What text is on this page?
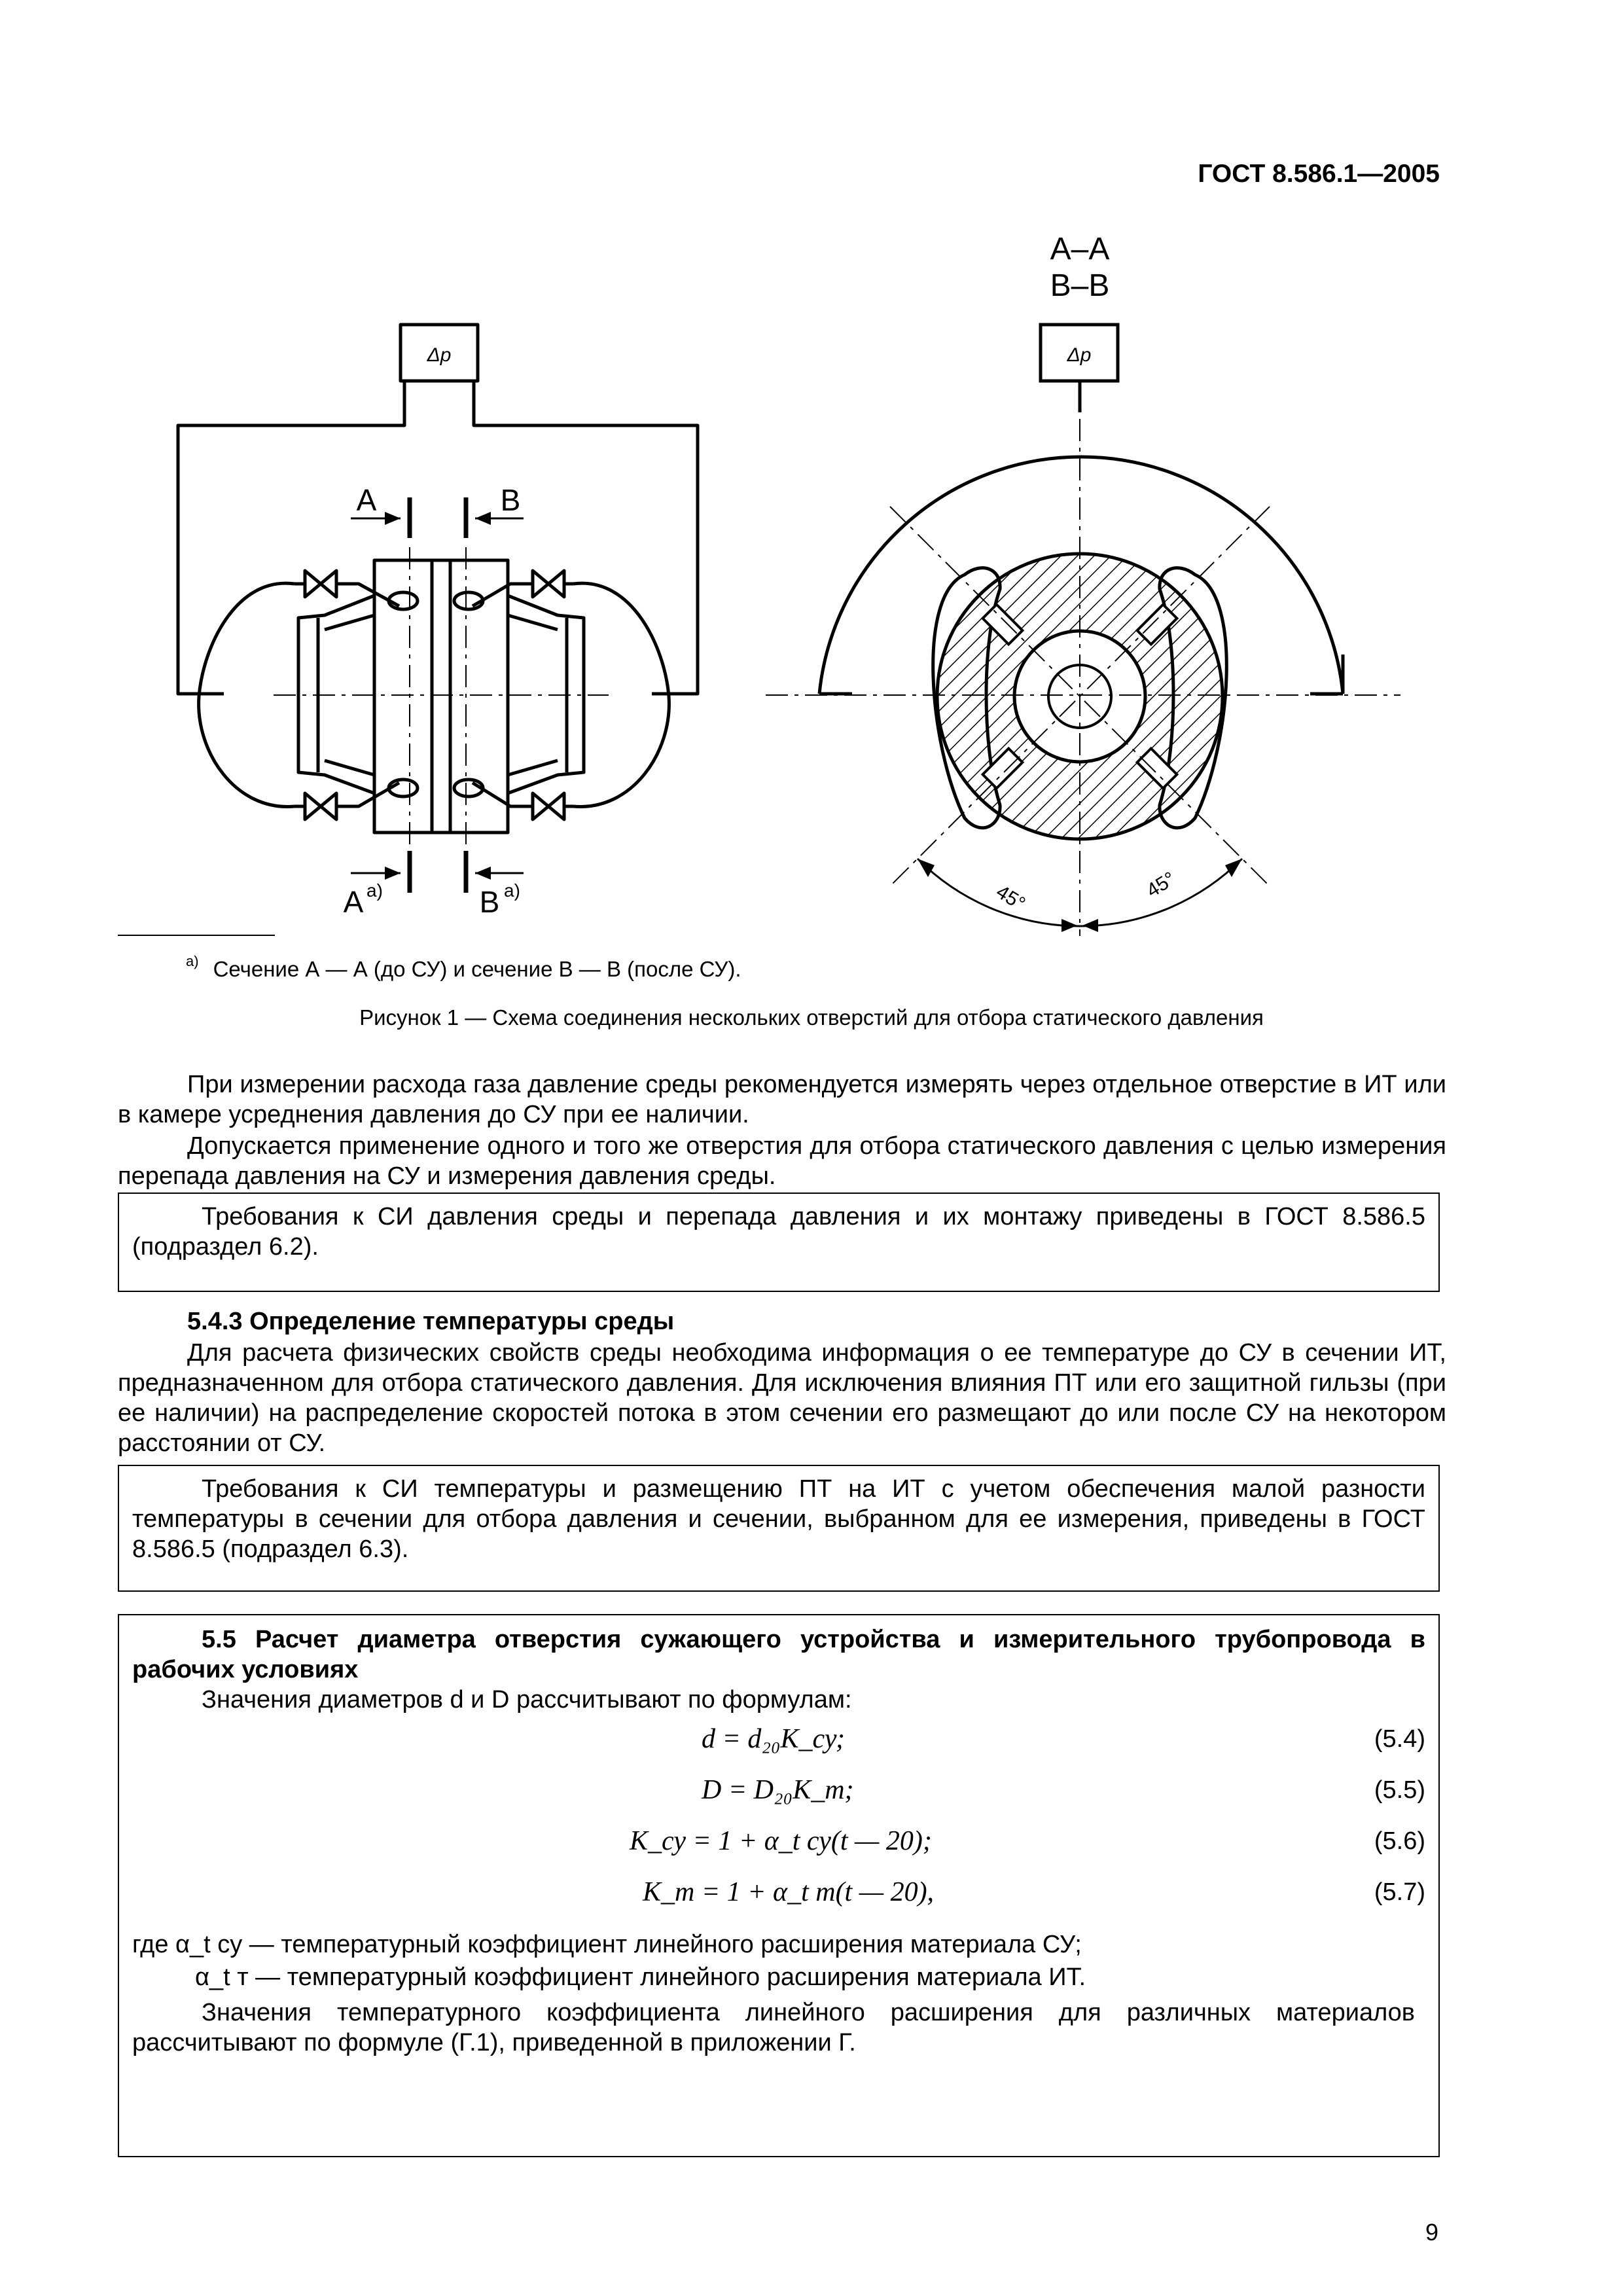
ГОСТ 8.586.1—2005
А–А
В–В
Δp	Δp
А	В
А а)	В а)	45°	45°
$^{а)}$ Сечение А — А (до СУ) и сечение В — В (после СУ).
Рисунок 1 — Схема соединения нескольких отверстий для отбора статического давления
При измерении расхода газа давление среды рекомендуется измерять через отдельное отверстие в ИТ или в камере усреднения давления до СУ при ее наличии.
Допускается применение одного и того же отверстия для отбора статического давления с целью измерения перепада давления на СУ и измерения давления среды.

Требования к СИ давления среды и перепада давления и их монтажу приведены в ГОСТ 8.586.5 (подраздел 6.2).

5.4.3 Определение температуры среды
Для расчета физических свойств среды необходима информация о ее температуре до СУ в сечении ИТ, предназначенном для отбора статического давления. Для исключения влияния ПТ или его защитной гильзы (при ее наличии) на распределение скоростей потока в этом сечении его размещают до или после СУ на некотором расстоянии от СУ.

Требования к СИ температуры и размещению ПТ на ИТ с учетом обеспечения малой разности температуры в сечении для отбора давления и сечении, выбранном для ее измерения, приведены в ГОСТ 8.586.5 (подраздел 6.3).

5.5 Расчет диаметра отверстия сужающего устройства и измерительного трубопровода в рабочих условиях

Значения диаметров d и D рассчитывают по формулам:

d = d₂₀K_су;	(5.4)
D = D₂₀K_т;	(5.5)
K_су = 1 + α_t су(t — 20);	(5.6)
K_т = 1 + α_t т(t — 20),	(5.7)

где α_t су — температурный коэффициент линейного расширения материала СУ;

α_t т — температурный коэффициент линейного расширения материала ИТ.

Значения температурного коэффициента линейного расширения для различных материалов рассчитывают по формуле (Г.1), приведенной в приложении Г.

9
